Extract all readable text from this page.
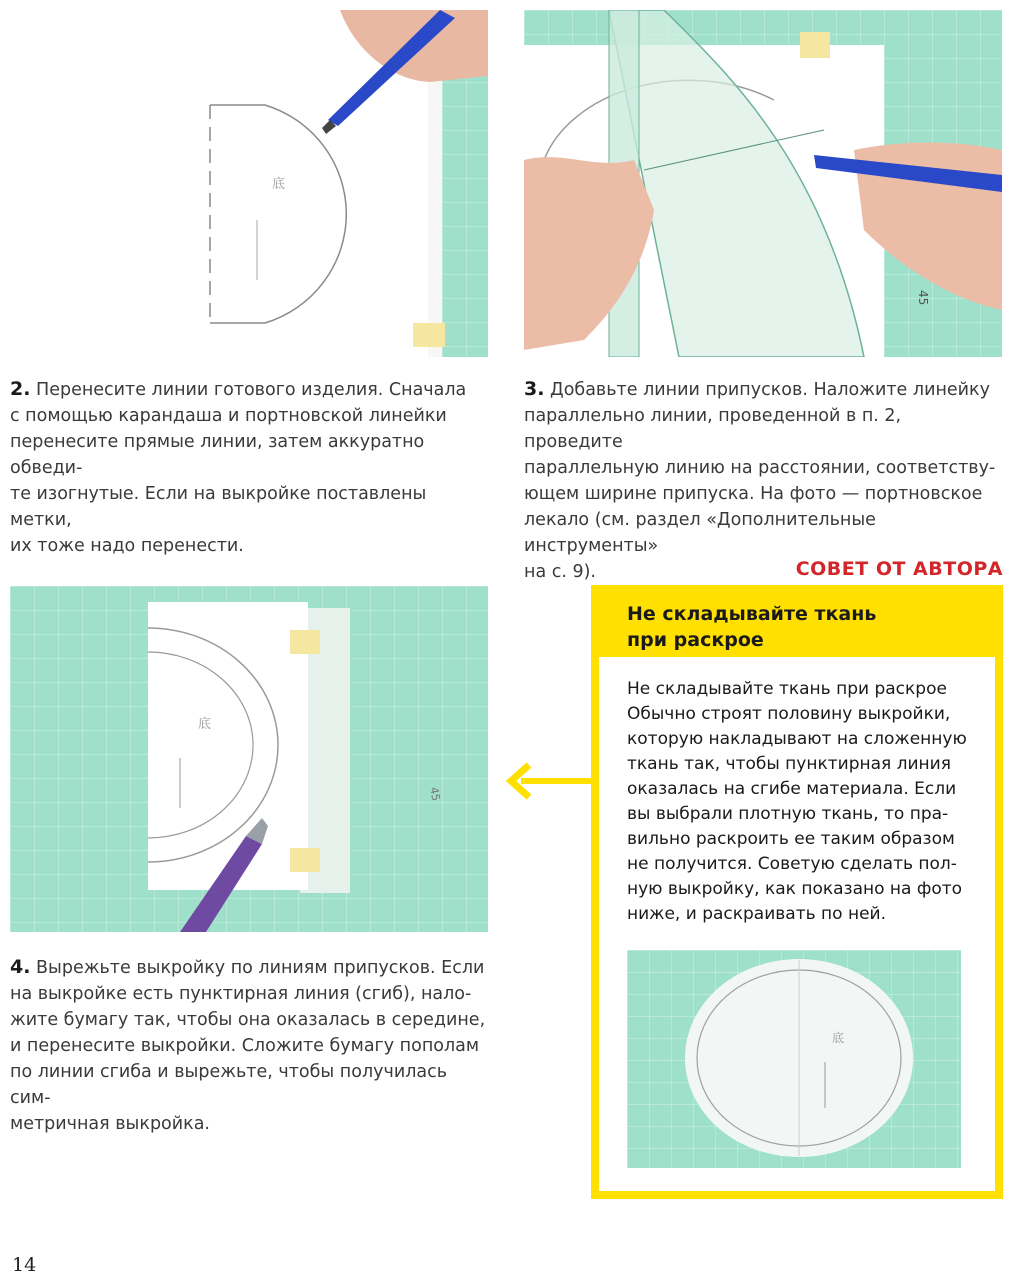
底
45
2. Перенесите линии готового изделия. Сначала
с помощью карандаша и портновской линейки
перенесите прямые линии, затем аккуратно обведи-
те изогнутые. Если на выкройке поставлены метки,
их тоже надо перенести.
3. Добавьте линии припусков. Наложите линейку
параллельно линии, проведенной в п. 2, проведите
параллельную линию на расстоянии, соответству-
ющем ширине припуска. На фото — портновское
лекало (см. раздел «Дополнительные инструменты»
на с. 9).
底
45
4. Вырежьте выкройку по линиям припусков. Если
на выкройке есть пунктирная линия (сгиб), нало-
жите бумагу так, чтобы она оказалась в середине,
и перенесите выкройки. Сложите бумагу пополам
по линии сгиба и вырежьте, чтобы получилась сим-
метричная выкройка.
СОВЕТ ОТ АВТОРА
Не складывайте ткань
при раскрое
Не складывайте ткань при раскрое
Обычно строят половину выкройки,
которую накладывают на сложенную
ткань так, чтобы пунктирная линия
оказалась на сгибе материала. Если
вы выбрали плотную ткань, то пра-
вильно раскроить ее таким образом
не получится. Советую сделать пол-
ную выкройку, как показано на фото
ниже, и раскраивать по ней.
底
14
